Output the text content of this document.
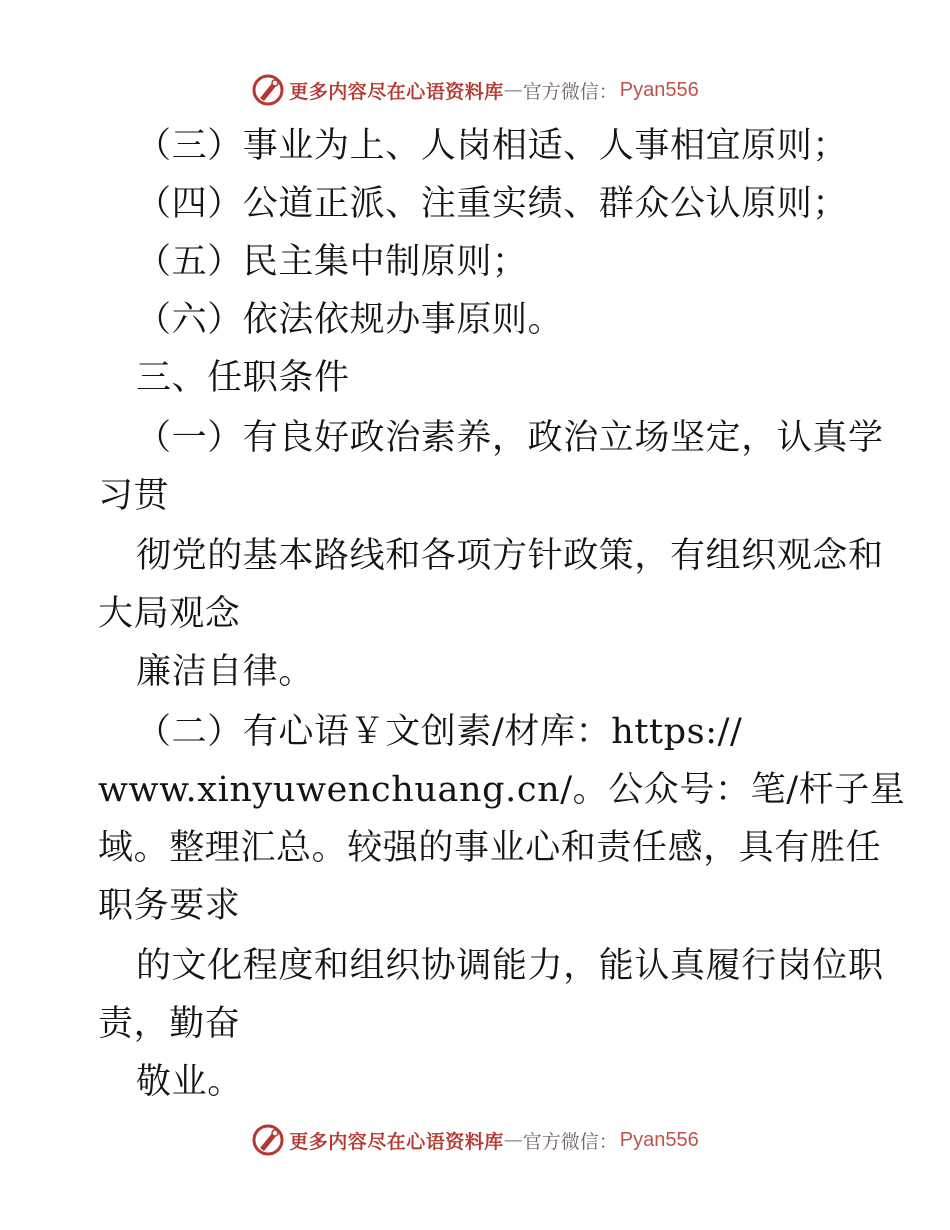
更多内容尽在心语资料库 — 官方微信： Pyan556
（三）事业为上、人岗相适、人事相宜原则；
（四）公道正派、注重实绩、群众公认原则；
（五）民主集中制原则；
（六）依法依规办事原则。
三、任职条件
（一）有良好政治素养，政治立场坚定，认真学
习贯
彻党的基本路线和各项方针政策，有组织观念和
大局观念
廉洁自律。
（二）有心语￥文创素/材库：https://
www.xinyuwenchuang.cn/。公众号：笔/杆子星
域。整理汇总。较强的事业心和责任感，具有胜任
职务要求
的文化程度和组织协调能力，能认真履行岗位职
责，勤奋
敬业。
更多内容尽在心语资料库 — 官方微信： Pyan556
